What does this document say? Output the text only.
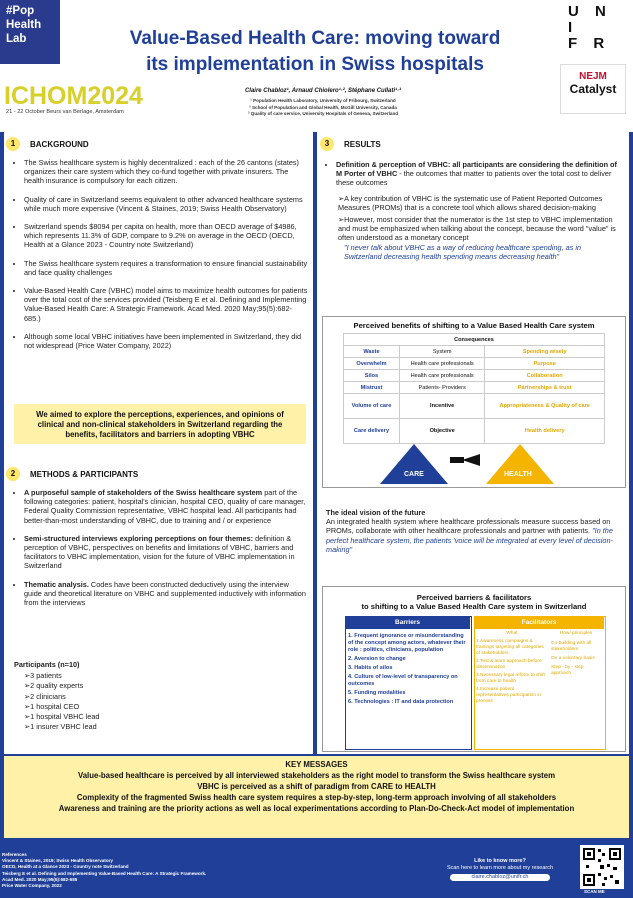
#Pop
Health
Lab	Value-Based Health Care: moving toward
its implementation in Swiss hospitals
U N I
F R
NEJM
Catalyst
ICHOM2024
21 - 22 October Beurs van Berlage, Amsterdam
Claire Chabloz¹, Arnaud Chiolero¹·², Stéphane Cullati¹·³
¹ Population Health Laboratory, University of Fribourg, Switzerland
² School of Population and Global Health, McGill University, Canada
³ Quality of care service, University Hospitals of Geneva, Switzerland
1	BACKGROUND
• The Swiss healthcare system is highly decentralized : each of the 26 cantons (states) organizes their care system which they co-fund together with private insurers. The health insurance is compulsory for each citizen.
• Quality of care in Switzerland seems equivalent to other advanced healthcare systems while much more expensive (Vincent & Staines, 2019; Swiss Health Observatory)
• Switzerland spends $8094 per capita on health, more than OECD average of $4986, which represents 11.3% of GDP, compare to 9.2% on average in the OECD (OECD, Health at a Glance 2023 - Country note Switzerland)
• The Swiss healthcare system requires a transformation to ensure financial sustainability and face quality challenges
• Value-Based Health Care (VBHC) model aims to maximize health outcomes for patients over the total cost of the services provided (Teisberg E et al. Defining and Implementing Value-Based Health Care: A Strategic Framework. Acad Med. 2020 May;95(5):682-685.)
• Although some local VBHC initiatives have been implemented in Switzerland, they did not widespread (Price Water Company, 2022)
We aimed to explore the perceptions, experiences, and opinions of clinical and non-clinical stakeholders in Switzerland regarding the benefits, facilitators and barriers in adopting VBHC
2	METHODS & PARTICIPANTS
• A purposeful sample of stakeholders of the Swiss healthcare system part of the following categories: patient, hospital's clinician, hospital CEO, quality of care manager, Federal Quality Commission representative, VBHC hospital lead. All participants had better-than-most understanding of VBHC, due to training and / or experience
• Semi-structured interviews exploring perceptions on four themes: definition & perception of VBHC, perspectives on benefits and limitations of VBHC, barriers and facilitators to VBHC implementation, vision for the future of VBHC implementation in Switzerland
• Thematic analysis. Codes have been constructed deductively using the interview guide and theoretical literature on VBHC and supplemented inductively with information from the interviews
Participants (n=10)
➢ 3 patients
➢ 2 quality experts
➢ 2 clinicians
➢ 1 hospital CEO
➢ 1 hospital VBHC lead
➢ 1 insurer VBHC lead
3	RESULTS
• Definition & perception of VBHC: all participants are considering the definition of M Porter of VBHC - the outcomes that matter to patients over the total cost to deliver these outcomes
➢ A key contribution of VBHC is the systematic use of Patient Reported Outcomes Measures (PROMs) that is a concrete tool which allows shared decision-making
➢ However, most consider that the numerator is the 1st step to VBHC implementation and must be emphasized when talking about the concept, because the word "value" is often understood as a monetary concept
"I never talk about VBHC as a way of reducing healthcare spending, as in Switzerland decreasing health spending means decreasing health"
Perceived benefits of shifting to a Value Based Health Care system
Consequences		
Waste	System	Spending wisely
Overwhelm	Health care professionals	Purpose
Silos	Health care professionals	Collaboration
Mistrust	Patients- Providers	Partnerships & trust
Volume of care	Incentive	Appropriateness & Quality of care
Care delivery	Objective	Health delivery
CARE	HEALTH
The ideal vision of the future
An integrated health system where healthcare professionals measure success based on PROMs, collaborate with other healthcare professionals and partner with patients. "In the perfect healthcare system, the patients 'voice will be integrated at every level of decision-making"
Perceived barriers & facilitators
to shifting to a Value Based Health Care system in Switzerland
Barriers
1. Frequent ignorance or misunderstanding of the concept among actors, whatever their role : politics, clinicians, population
2. Aversion to change
3. Habits of silos
4. Culture of low-level of transparency on outcomes
5. Funding modalities
6. Technologies : IT and data protection
Facilitators
What
1.Awareness campaigns & trainings targeting all categories of stakeholders
2.Test & learn approach before dissemination
3.Necessary legal reform to shift from care to health
4.Increase patient representatives participation in process
How/ principles
Co-building with all stakeholders
On a voluntary basis
Step - by - step approach
KEY MESSAGES
Value-based healthcare is perceived by all interviewed stakeholders as the right model to transform the Swiss healthcare system
VBHC is perceived as a shift of paradigm from CARE to HEALTH
Complexity of the fragmented Swiss health care system requires a step-by-step, long-term approach involving of all stakeholders
Awareness and training are the priority actions as well as local experimentations according to Plan-Do-Check-Act model of implementation
References
Vincent & Staines, 2019; Swiss Health Observatory
OECD, Health at a Glance 2023 - Country note Switzerland
Teisberg E et al. Defining and Implementing Value-Based Health Care: A Strategic Framework.
Acad Med. 2020 May;95(5):682-685
Price Water Company, 2022
Like to know more?
Scan here to learn more about my research
claire.chabloz@unifr.ch
SCAN ME
